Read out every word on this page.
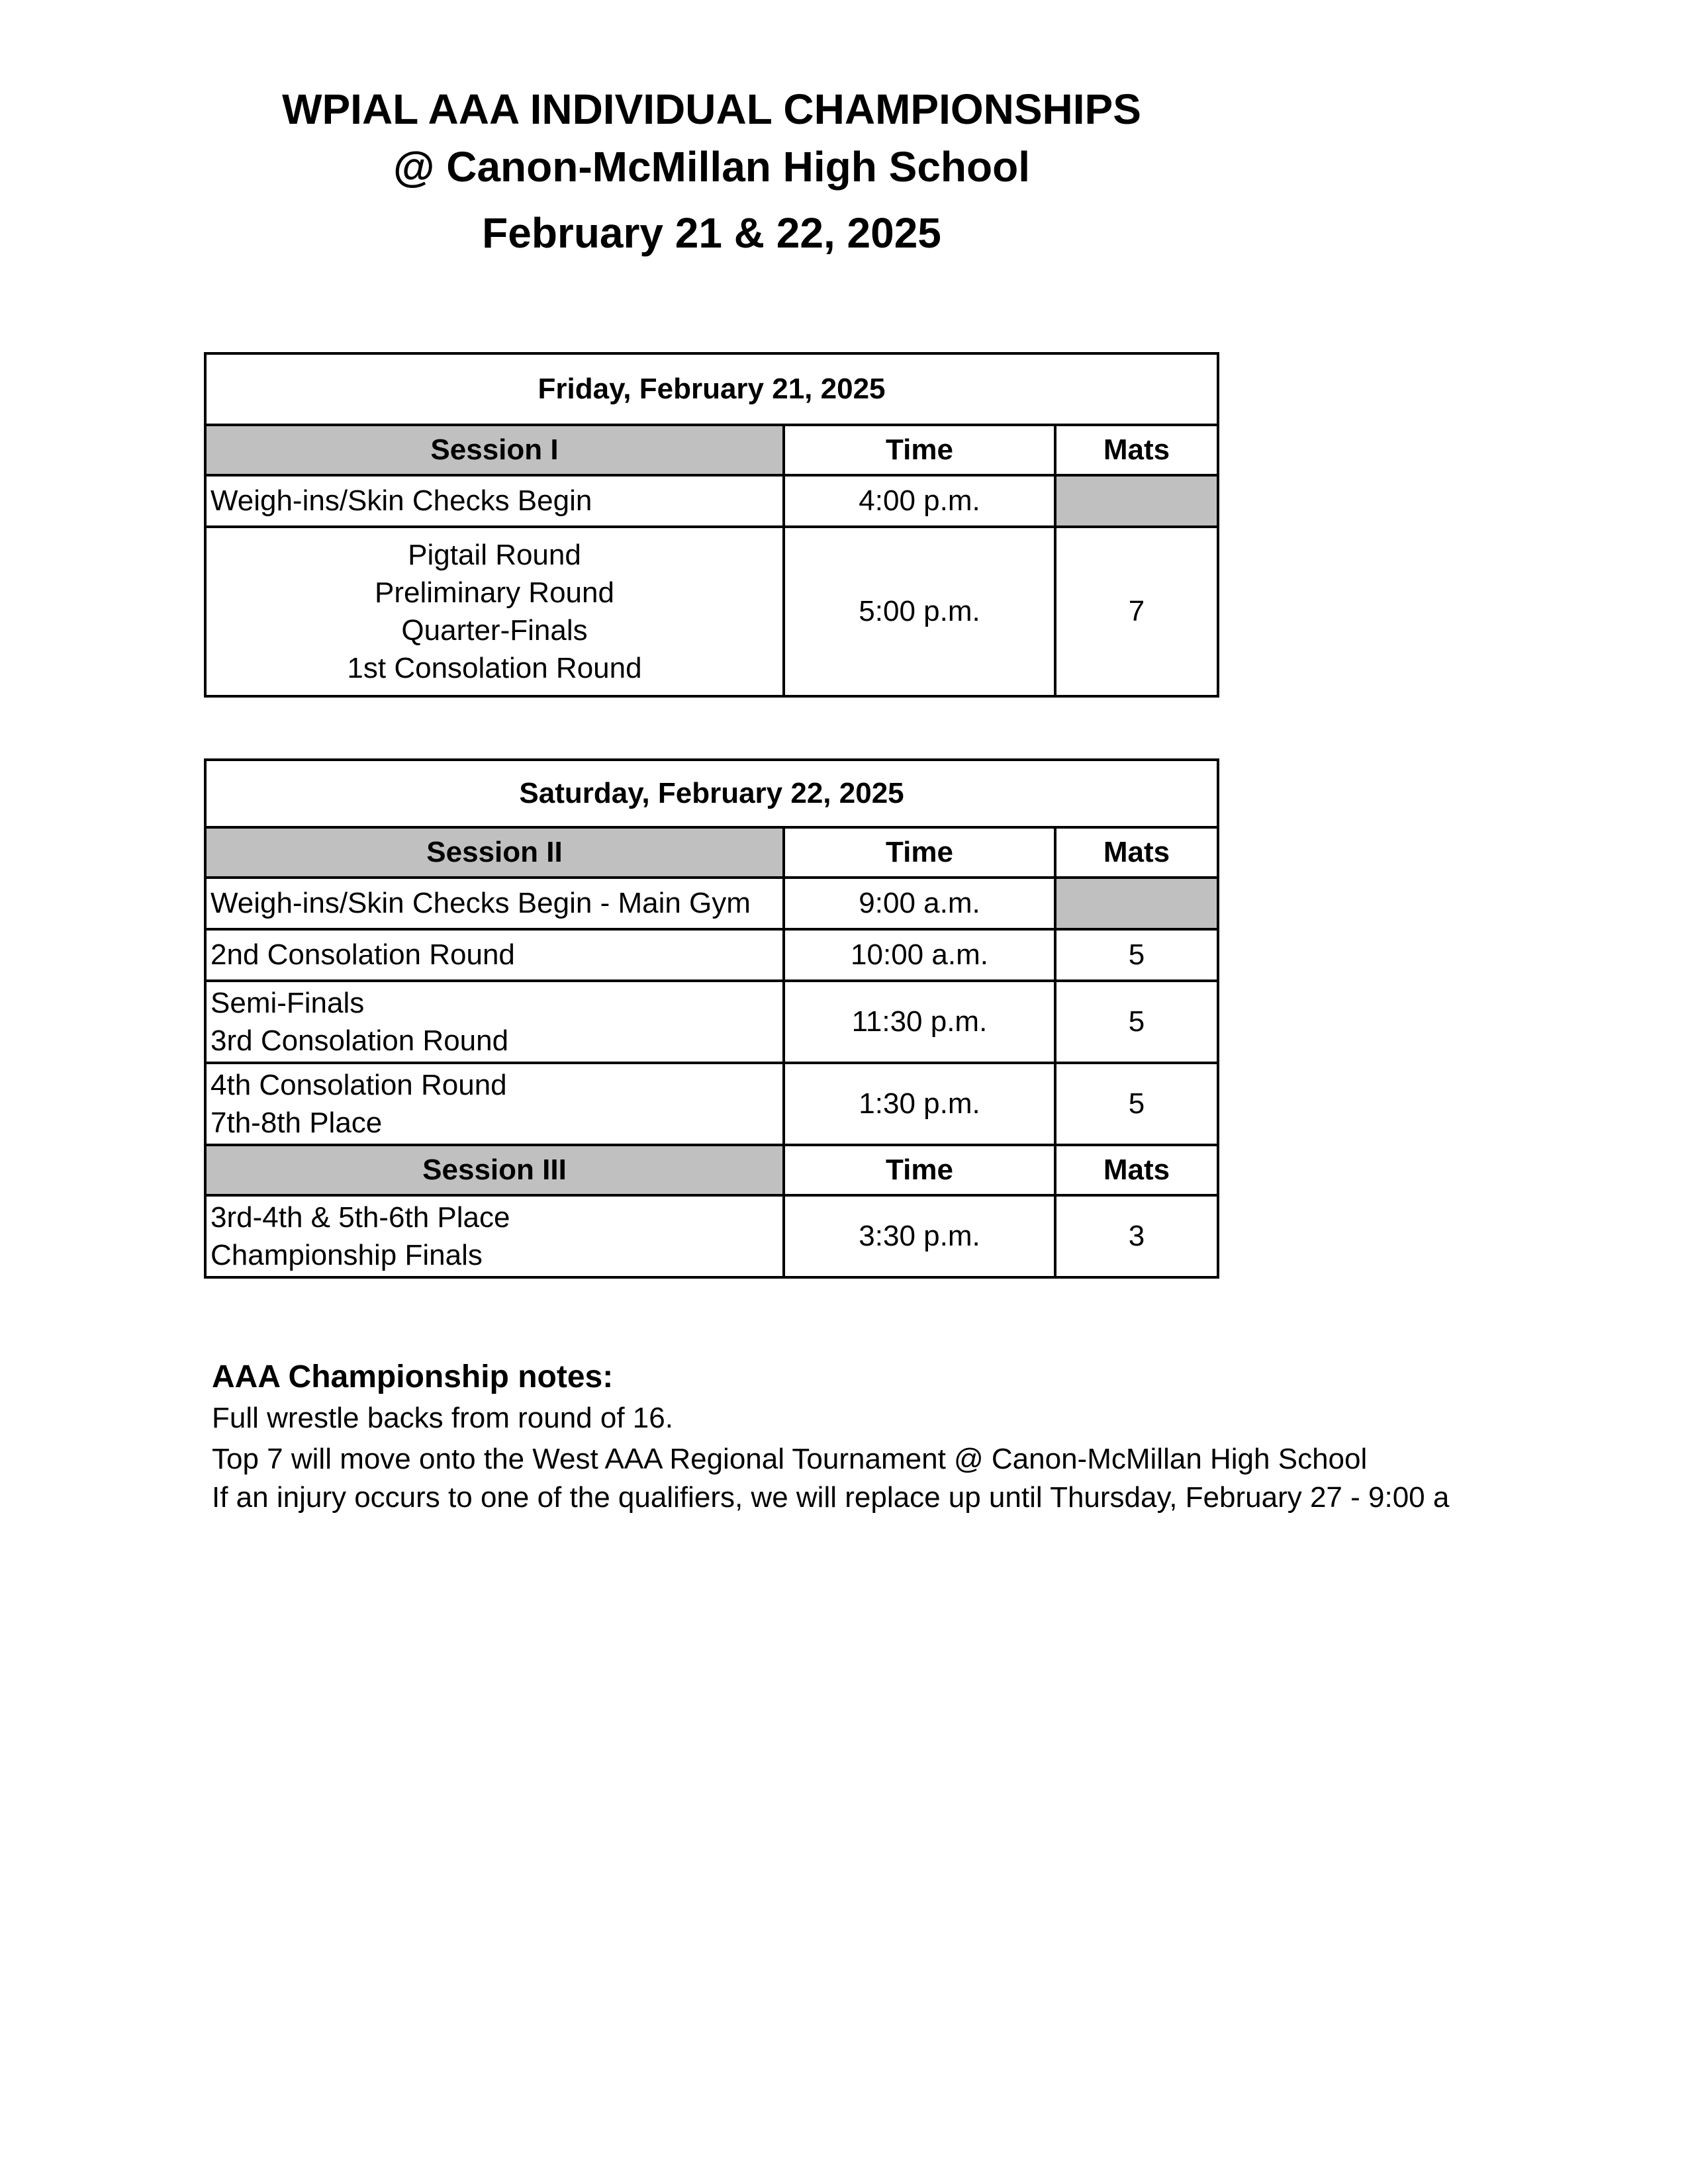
WPIAL AAA INDIVIDUAL CHAMPIONSHIPS
@ Canon-McMillan High School
February 21 & 22, 2025
Friday, February 21, 2025		
Session I	Time	Mats

Weigh-ins/Skin Checks Begin	4:00 p.m.	

Pigtail Round
Preliminary Round
Quarter-Finals
1st Consolation Round	5:00 p.m.	7
Saturday, February 22, 2025		
Session II	Time	Mats

Weigh-ins/Skin Checks Begin - Main Gym	9:00 a.m.	

2nd Consolation Round	10:00 a.m.	5

Semi-Finals
3rd Consolation Round	11:30 p.m.	5

4th Consolation Round
7th-8th Place	1:30 p.m.	5
Session III	Time	Mats

3rd-4th & 5th-6th Place
Championship Finals	3:30 p.m.	3
AAA Championship notes:
Full wrestle backs from round of 16.
Top 7 will move onto the West AAA Regional Tournament @ Canon-McMillan High School
If an injury occurs to one of the qualifiers, we will replace up until Thursday, February 27 - 9:00 a
